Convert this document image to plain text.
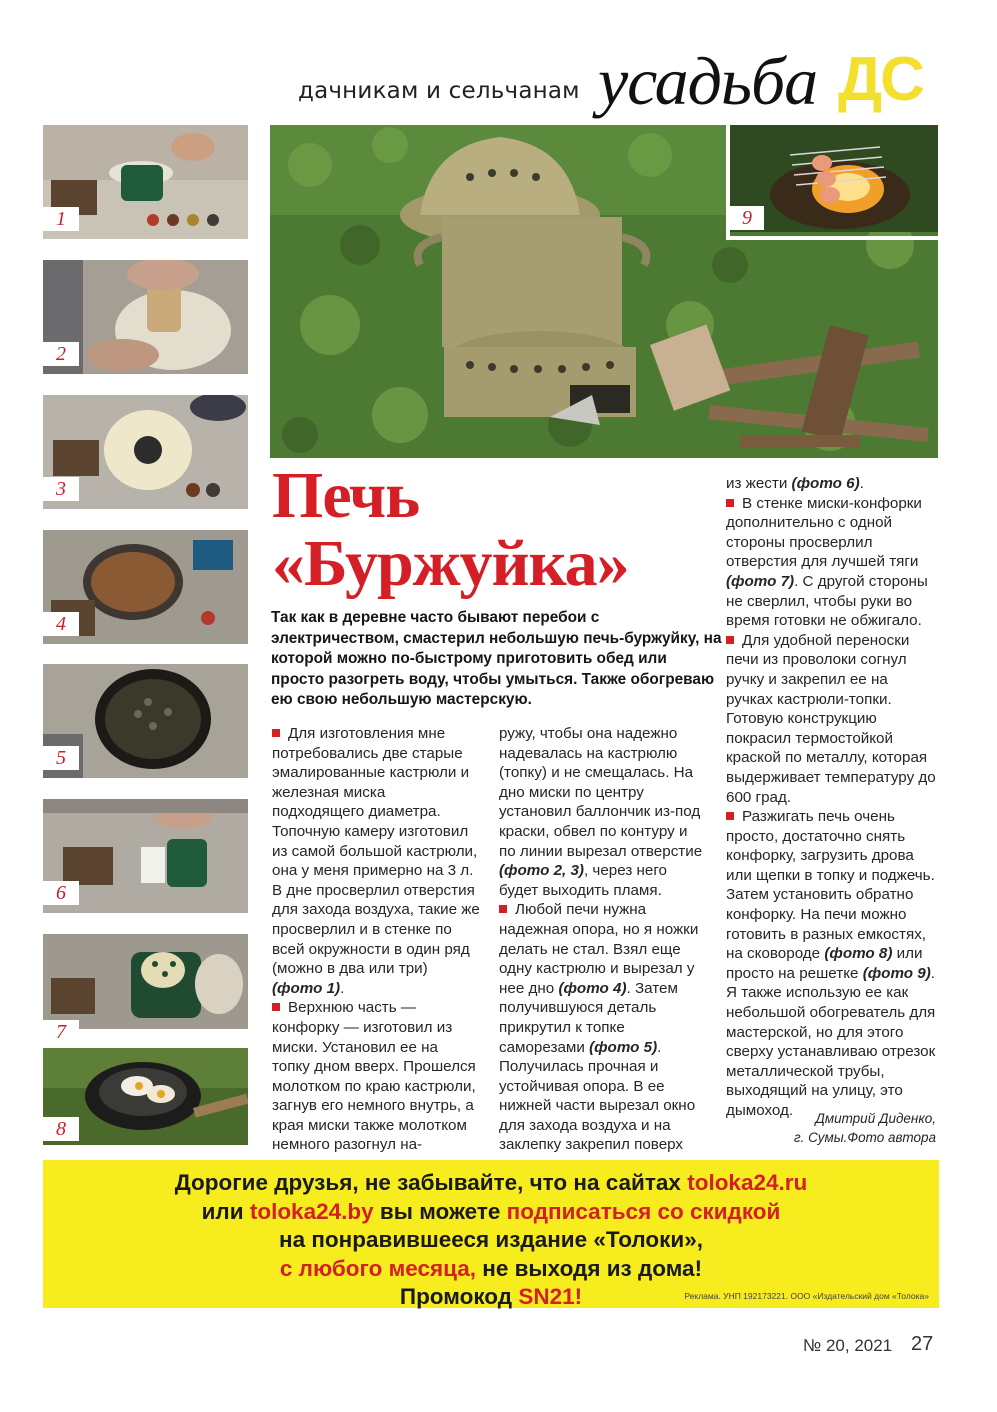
дачникам и сельчанам усадьба ДС
1
2
3
4
5
6
7
8
9
Печь
«Буржуйка»
Так как в деревне часто бывают перебои с электричеством, смастерил небольшую печь-буржуйку, на которой можно по-быстрому приготовить обед или просто разогреть воду, чтобы умыться. Также обогреваю ею свою небольшую мастерскую.

Для изготовления мне потребовались две старые эмалированные кастрюли и железная миска подходящего диаметра. Топочную камеру изготовил из самой большой кастрюли, она у меня примерно на 3 л. В дне просверлил отверстия для захода воздуха, такие же просверлил и в стенке по всей окружности в один ряд (можно в два или три) (фото 1).

Верхнюю часть — конфорку — изготовил из миски. Установил ее на топку дном вверх. Прошелся молотком по краю кастрюли, загнув его немного внутрь, а края миски также молотком немного разогнул на-

ружу, чтобы она надежно надевалась на кастрюлю (топку) и не смещалась. На дно миски по центру установил баллончик из-под краски, обвел по контуру и по линии вырезал отверстие (фото 2, 3), через него будет выходить пламя.

Любой печи нужна надежная опора, но я ножки делать не стал. Взял еще одну кастрюлю и вырезал у нее дно (фото 4). Затем получившуюся деталь прикрутил к топке саморезами (фото 5). Получилась прочная и устойчивая опора. В ее нижней части вырезал окно для захода воздуха и на заклепку закрепил поверх

из жести (фото 6).

В стенке миски-конфорки дополнительно с одной стороны просверлил отверстия для лучшей тяги (фото 7). С другой стороны не сверлил, чтобы руки во время готовки не обжигало.

Для удобной переноски печи из проволоки согнул ручку и закрепил ее на ручках кастрюли-топки. Готовую конструкцию покрасил термостойкой краской по металлу, которая выдерживает температуру до 600 град.

Разжигать печь очень просто, достаточно снять конфорку, загрузить дрова или щепки в топку и поджечь. Затем установить обратно конфорку. На печи можно готовить в разных емкостях, на сковороде (фото 8) или просто на решетке (фото 9). Я также использую ее как небольшой обогреватель для мастерской, но для этого сверху устанавливаю отрезок металлической трубы, выходящий на улицу, это дымоход.	Дмитрий Диденко,
г. Сумы.Фото автора
Дорогие друзья, не забывайте, что на сайтах toloka24.ru
или toloka24.by вы можете подписаться со скидкой
на понравившееся издание «Толоки»,
с любого месяца, не выходя из дома!
Промокод SN21!	Реклама. УНП 192173221. ООО «Издательский дом «Толока»
№ 20, 2021 27
